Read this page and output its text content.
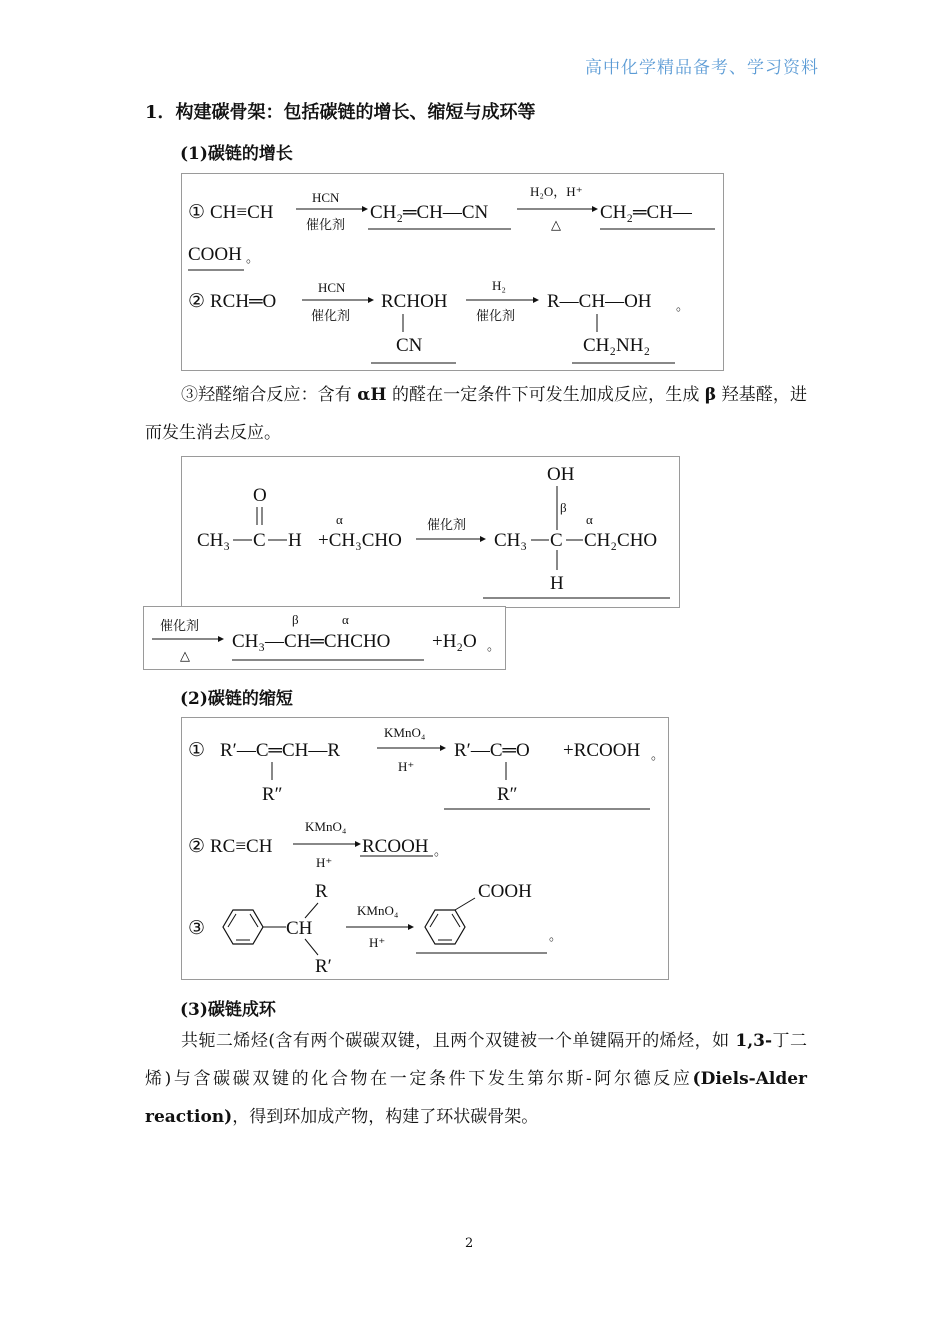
高中化学精品备考、学习资料
1．构建碳骨架：包括碳链的增长、缩短与成环等
(1)碳链的增长
① CH≡CH
HCN
催化剂
CH₂═CH—CN
H₂O，H⁺
△
CH₂═CH—
COOH 。
② RCH═O
HCN
催化剂
RCHOH
CN
H₂
催化剂
R—CH—OH
CH₂NH₂
。
③羟醛缩合反应：含有 αH 的醛在一定条件下可发生加成反应，生成 β 羟基醛，进而发生消去反应。
O
CH₃ C H
α
+CH₃CHO
催化剂
OH
β
CH₃ C
α
CH₂CHO
H
催化剂
△
β	α
CH₃—CH═CHCHO +H₂O 。
(2)碳链的缩短
① R′—C═CH—R
R″
KMnO₄
H⁺
R′—C═O
R″
+RCOOH 。
② RC≡CH
KMnO₄
H⁺
RCOOH 。
③
R
CH
R′
KMnO₄
H⁺
COOH
。
(3)碳链成环
共轭二烯烃(含有两个碳碳双键，且两个双键被一个单键隔开的烯烃，如 1,3-丁二烯)与含碳碳双键的化合物在一定条件下发生第尔斯-阿尔德反应(Diels-Alder reaction)，得到环加成产物，构建了环状碳骨架。
2
